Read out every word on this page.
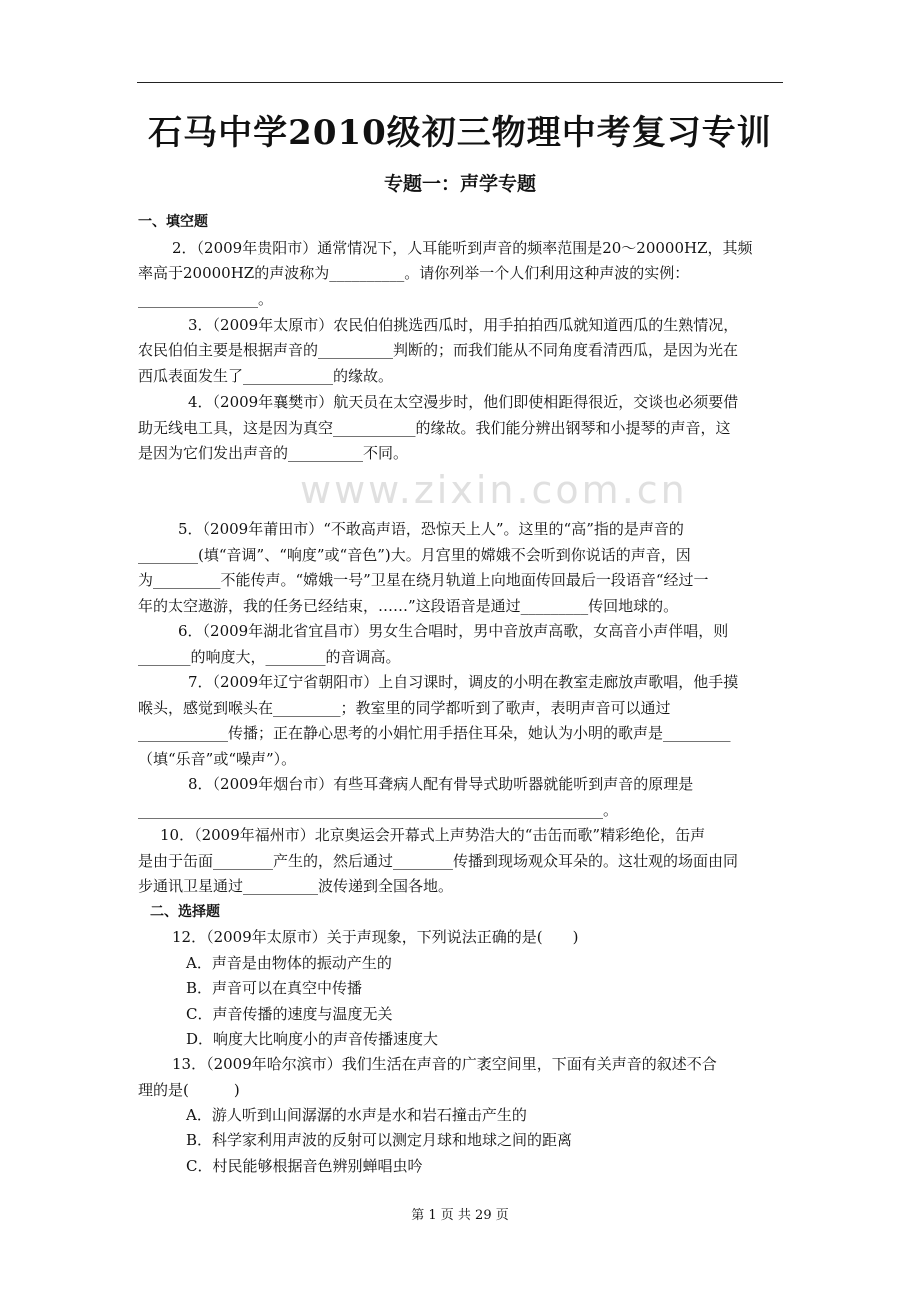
www.zixin.com.cn
石马中学2010级初三物理中考复习专训
专题一：声学专题
一、填空题
2．（2009年贵阳市）通常情况下，人耳能听到声音的频率范围是20～20000HZ，其频
率高于20000HZ的声波称为__________。请你列举一个人们利用这种声波的实例：
________________。
3．（2009年太原市）农民伯伯挑选西瓜时，用手拍拍西瓜就知道西瓜的生熟情况，
农民伯伯主要是根据声音的__________判断的；而我们能从不同角度看清西瓜，是因为光在
西瓜表面发生了____________的缘故。
4．（2009年襄樊市）航天员在太空漫步时，他们即使相距得很近，交谈也必须要借
助无线电工具，这是因为真空___________的缘故。我们能分辨出钢琴和小提琴的声音，这
是因为它们发出声音的__________不同。
5．（2009年莆田市）“不敢高声语，恐惊天上人”。这里的“高”指的是声音的
________(填“音调”、“响度”或“音色”)大。月宫里的嫦娥不会听到你说话的声音，因
为_________不能传声。“嫦娥一号”卫星在绕月轨道上向地面传回最后一段语音“经过一
年的太空遨游，我的任务已经结束，……”这段语音是通过_________传回地球的。
6．（2009年湖北省宜昌市）男女生合唱时，男中音放声高歌，女高音小声伴唱，则
_______的响度大，________的音调高。
7．（2009年辽宁省朝阳市）上自习课时，调皮的小明在教室走廊放声歌唱，他手摸
喉头，感觉到喉头在_________；教室里的同学都听到了歌声，表明声音可以通过
____________传播；正在静心思考的小娟忙用手捂住耳朵，她认为小明的歌声是_________
（填“乐音”或“噪声”）。
8．（2009年烟台市）有些耳聋病人配有骨导式助听器就能听到声音的原理是
______________________________________________________________。
10．（2009年福州市）北京奥运会开幕式上声势浩大的“击缶而歌”精彩绝伦，缶声
是由于缶面________产生的，然后通过________传播到现场观众耳朵的。这壮观的场面由同
步通讯卫星通过__________波传递到全国各地。
二、选择题
12．（2009年太原市）关于声现象，下列说法正确的是(　　)
A．声音是由物体的振动产生的
B．声音可以在真空中传播
C．声音传播的速度与温度无关
D．响度大比响度小的声音传播速度大
13．（2009年哈尔滨市）我们生活在声音的广袤空间里，下面有关声音的叙述不合
理的是(　　　)
A．游人听到山间潺潺的水声是水和岩石撞击产生的
B．科学家利用声波的反射可以测定月球和地球之间的距离
C．村民能够根据音色辨别蝉唱虫吟
第 1 页 共 29 页
